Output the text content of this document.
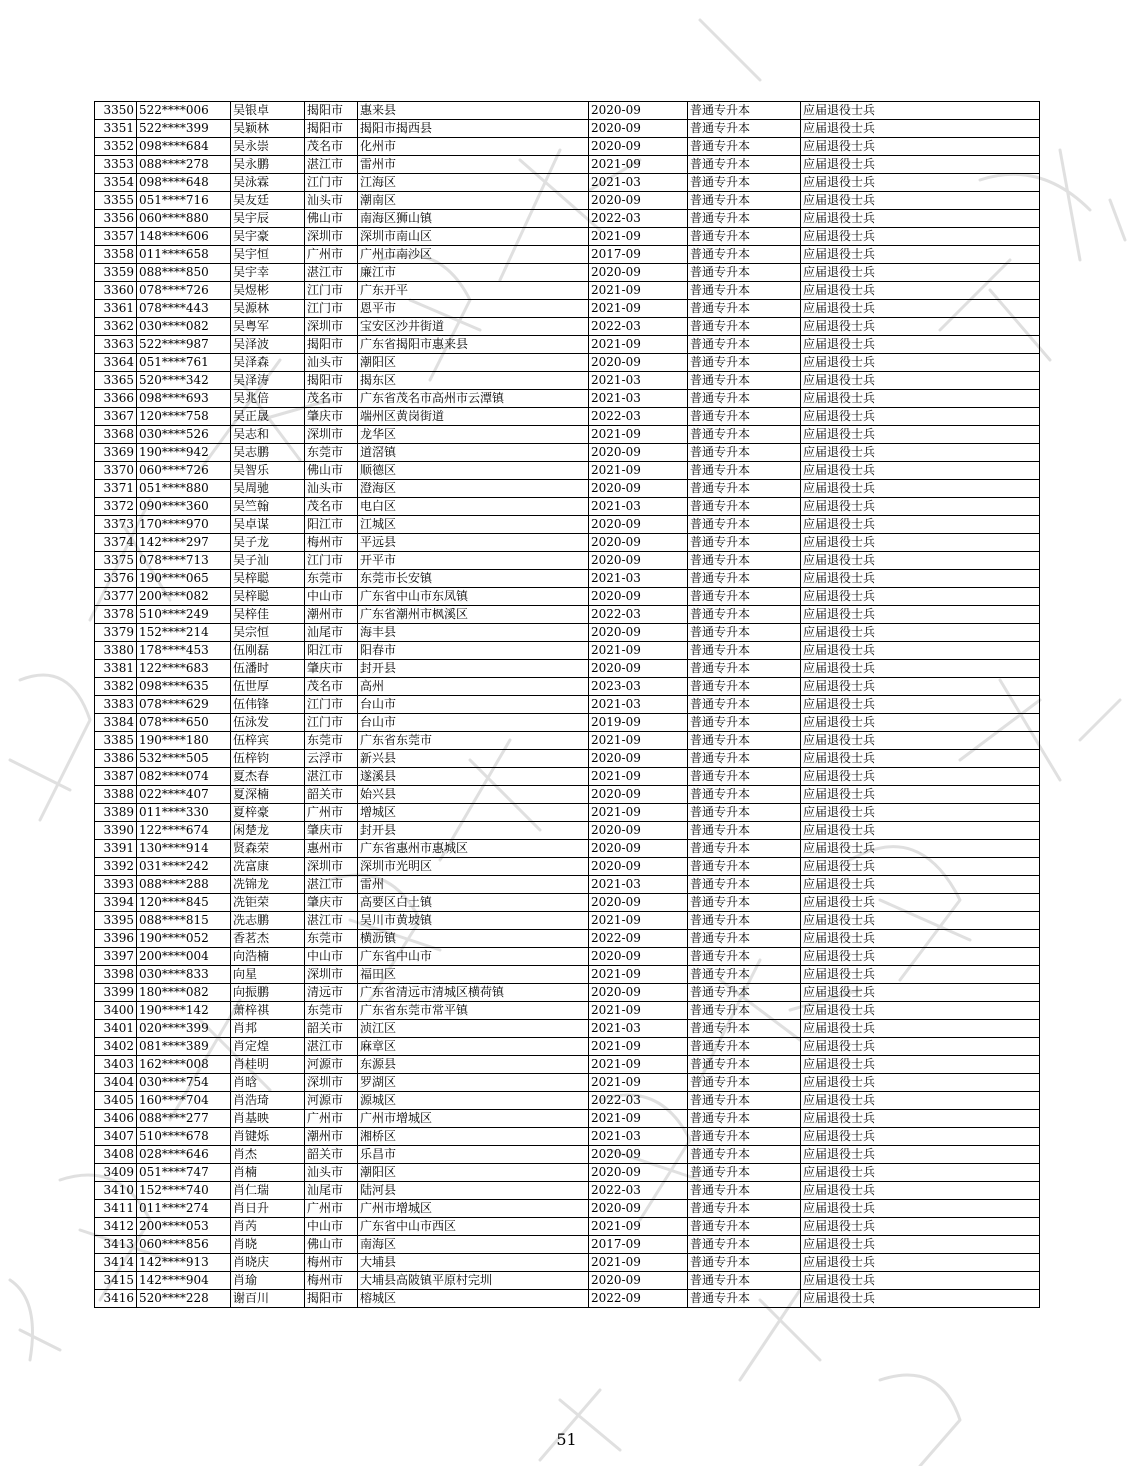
3350	522****006	吴银卓	揭阳市	惠来县	2020-09	普通专升本	应届退役士兵
3351	522****399	吴颖林	揭阳市	揭阳市揭西县	2020-09	普通专升本	应届退役士兵
3352	098****684	吴永崇	茂名市	化州市	2020-09	普通专升本	应届退役士兵
3353	088****278	吴永鹏	湛江市	雷州市	2021-09	普通专升本	应届退役士兵
3354	098****648	吴泳霖	江门市	江海区	2021-03	普通专升本	应届退役士兵
3355	051****716	吴友廷	汕头市	潮南区	2020-09	普通专升本	应届退役士兵
3356	060****880	吴宇辰	佛山市	南海区狮山镇	2022-03	普通专升本	应届退役士兵
3357	148****606	吴宇豪	深圳市	深圳市南山区	2021-09	普通专升本	应届退役士兵
3358	011****658	吴宇恒	广州市	广州市南沙区	2017-09	普通专升本	应届退役士兵
3359	088****850	吴宇幸	湛江市	廉江市	2020-09	普通专升本	应届退役士兵
3360	078****726	吴煜彬	江门市	广东开平	2021-09	普通专升本	应届退役士兵
3361	078****443	吴源林	江门市	恩平市	2021-09	普通专升本	应届退役士兵
3362	030****082	吴粤军	深圳市	宝安区沙井街道	2022-03	普通专升本	应届退役士兵
3363	522****987	吴泽波	揭阳市	广东省揭阳市惠来县	2021-09	普通专升本	应届退役士兵
3364	051****761	吴泽森	汕头市	潮阳区	2020-09	普通专升本	应届退役士兵
3365	520****342	吴泽涛	揭阳市	揭东区	2021-03	普通专升本	应届退役士兵
3366	098****693	吴兆倍	茂名市	广东省茂名市高州市云潭镇	2021-03	普通专升本	应届退役士兵
3367	120****758	吴正晟	肇庆市	端州区黄岗街道	2022-03	普通专升本	应届退役士兵
3368	030****526	吴志和	深圳市	龙华区	2021-09	普通专升本	应届退役士兵
3369	190****942	吴志鹏	东莞市	道滘镇	2020-09	普通专升本	应届退役士兵
3370	060****726	吴智乐	佛山市	顺德区	2021-09	普通专升本	应届退役士兵
3371	051****880	吴周驰	汕头市	澄海区	2020-09	普通专升本	应届退役士兵
3372	090****360	吴竺翰	茂名市	电白区	2021-03	普通专升本	应届退役士兵
3373	170****970	吴卓谋	阳江市	江城区	2020-09	普通专升本	应届退役士兵
3374	142****297	吴子龙	梅州市	平远县	2020-09	普通专升本	应届退役士兵
3375	078****713	吴子汕	江门市	开平市	2020-09	普通专升本	应届退役士兵
3376	190****065	吴梓聪	东莞市	东莞市长安镇	2021-03	普通专升本	应届退役士兵
3377	200****082	吴梓聪	中山市	广东省中山市东凤镇	2020-09	普通专升本	应届退役士兵
3378	510****249	吴梓佳	潮州市	广东省潮州市枫溪区	2022-03	普通专升本	应届退役士兵
3379	152****214	吴宗恒	汕尾市	海丰县	2020-09	普通专升本	应届退役士兵
3380	178****453	伍刚磊	阳江市	阳春市	2021-09	普通专升本	应届退役士兵
3381	122****683	伍潘时	肇庆市	封开县	2020-09	普通专升本	应届退役士兵
3382	098****635	伍世厚	茂名市	高州	2023-03	普通专升本	应届退役士兵
3383	078****629	伍伟锋	江门市	台山市	2021-03	普通专升本	应届退役士兵
3384	078****650	伍泳发	江门市	台山市	2019-09	普通专升本	应届退役士兵
3385	190****180	伍梓宾	东莞市	广东省东莞市	2021-09	普通专升本	应届退役士兵
3386	532****505	伍梓钧	云浮市	新兴县	2020-09	普通专升本	应届退役士兵
3387	082****074	夏杰春	湛江市	遂溪县	2021-09	普通专升本	应届退役士兵
3388	022****407	夏深楠	韶关市	始兴县	2020-09	普通专升本	应届退役士兵
3389	011****330	夏梓豪	广州市	增城区	2021-09	普通专升本	应届退役士兵
3390	122****674	闲楚龙	肇庆市	封开县	2020-09	普通专升本	应届退役士兵
3391	130****914	贤森荣	惠州市	广东省惠州市惠城区	2020-09	普通专升本	应届退役士兵
3392	031****242	冼富康	深圳市	深圳市光明区	2020-09	普通专升本	应届退役士兵
3393	088****288	冼锦龙	湛江市	雷州	2021-03	普通专升本	应届退役士兵
3394	120****845	冼钜荣	肇庆市	高要区白土镇	2020-09	普通专升本	应届退役士兵
3395	088****815	冼志鹏	湛江市	吴川市黄坡镇	2021-09	普通专升本	应届退役士兵
3396	190****052	香茗杰	东莞市	横沥镇	2022-09	普通专升本	应届退役士兵
3397	200****004	向浩楠	中山市	广东省中山市	2020-09	普通专升本	应届退役士兵
3398	030****833	向星	深圳市	福田区	2021-09	普通专升本	应届退役士兵
3399	180****082	向振鹏	清远市	广东省清远市清城区横荷镇	2020-09	普通专升本	应届退役士兵
3400	190****142	萧梓祺	东莞市	广东省东莞市常平镇	2021-09	普通专升本	应届退役士兵
3401	020****399	肖邦	韶关市	浈江区	2021-03	普通专升本	应届退役士兵
3402	081****389	肖定煌	湛江市	麻章区	2021-09	普通专升本	应届退役士兵
3403	162****008	肖桂明	河源市	东源县	2021-09	普通专升本	应届退役士兵
3404	030****754	肖晗	深圳市	罗湖区	2021-09	普通专升本	应届退役士兵
3405	160****704	肖浩琦	河源市	源城区	2022-03	普通专升本	应届退役士兵
3406	088****277	肖基映	广州市	广州市增城区	2021-09	普通专升本	应届退役士兵
3407	510****678	肖键烁	潮州市	湘桥区	2021-03	普通专升本	应届退役士兵
3408	028****646	肖杰	韶关市	乐昌市	2020-09	普通专升本	应届退役士兵
3409	051****747	肖楠	汕头市	潮阳区	2020-09	普通专升本	应届退役士兵
3410	152****740	肖仁瑞	汕尾市	陆河县	2022-03	普通专升本	应届退役士兵
3411	011****274	肖日升	广州市	广州市增城区	2020-09	普通专升本	应届退役士兵
3412	200****053	肖芮	中山市	广东省中山市西区	2021-09	普通专升本	应届退役士兵
3413	060****856	肖晓	佛山市	南海区	2017-09	普通专升本	应届退役士兵
3414	142****913	肖晓庆	梅州市	大埔县	2021-09	普通专升本	应届退役士兵
3415	142****904	肖瑜	梅州市	大埔县高陂镇平原村完圳	2020-09	普通专升本	应届退役士兵
3416	520****228	谢百川	揭阳市	榕城区	2022-09	普通专升本	应届退役士兵
51
